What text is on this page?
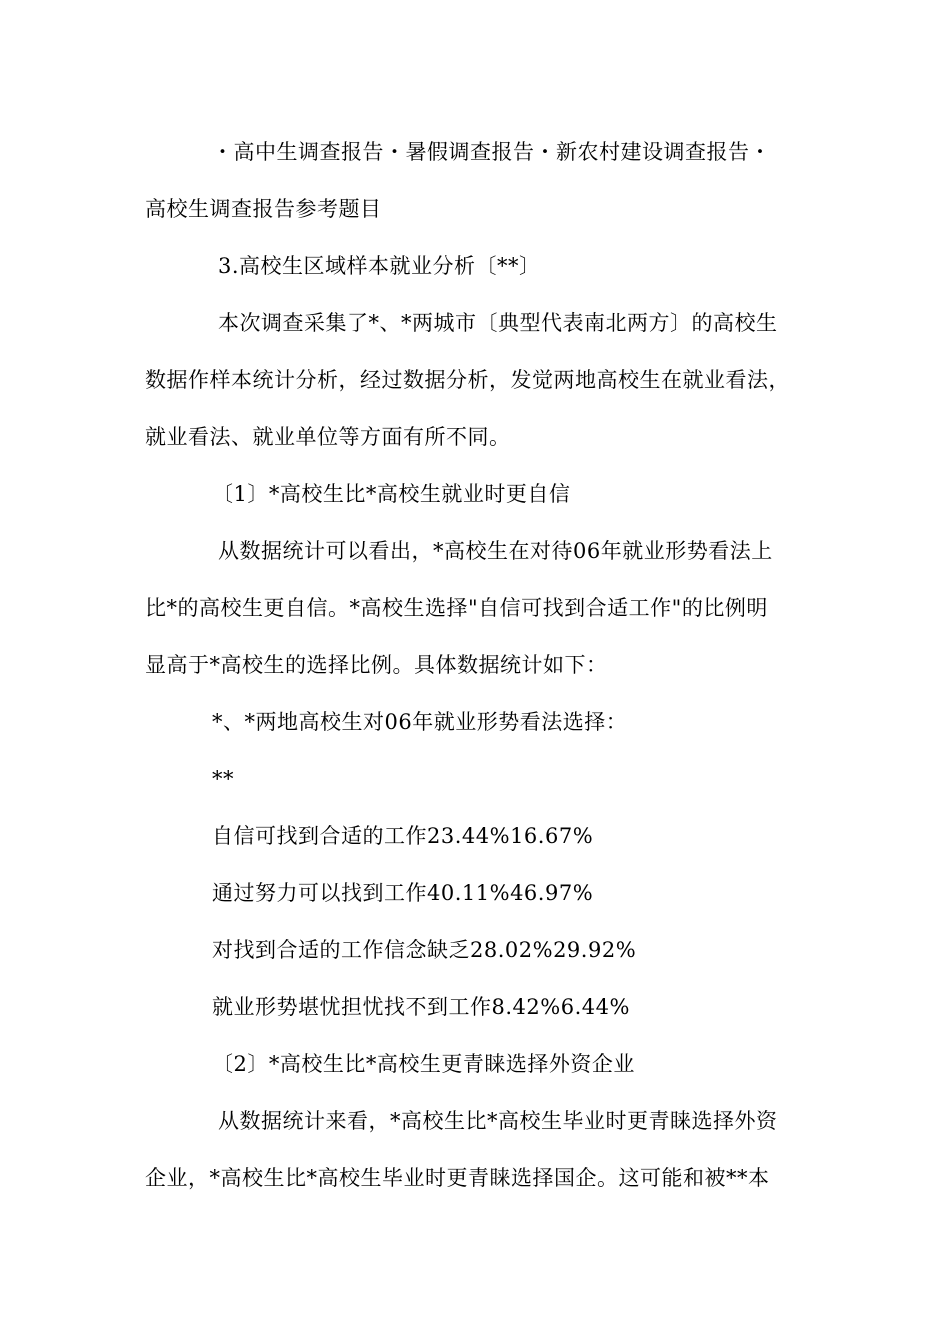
・高中生调查报告・暑假调查报告・新农村建设调查报告・
高校生调查报告参考题目
3.高校生区域样本就业分析〔**〕
本次调查采集了*、*两城市〔典型代表南北两方〕的高校生
数据作样本统计分析，经过数据分析，发觉两地高校生在就业看法，
就业看法、就业单位等方面有所不同。
〔1〕*高校生比*高校生就业时更自信
从数据统计可以看出，*高校生在对待06年就业形势看法上
比*的高校生更自信。*高校生选择"自信可找到合适工作"的比例明
显高于*高校生的选择比例。具体数据统计如下：
*、*两地高校生对06年就业形势看法选择：
**
自信可找到合适的工作23.44%16.67%
通过努力可以找到工作40.11%46.97%
对找到合适的工作信念缺乏28.02%29.92%
就业形势堪忧担忧找不到工作8.42%6.44%
〔2〕*高校生比*高校生更青睐选择外资企业
从数据统计来看，*高校生比*高校生毕业时更青睐选择外资
企业，*高校生比*高校生毕业时更青睐选择国企。这可能和被**本
